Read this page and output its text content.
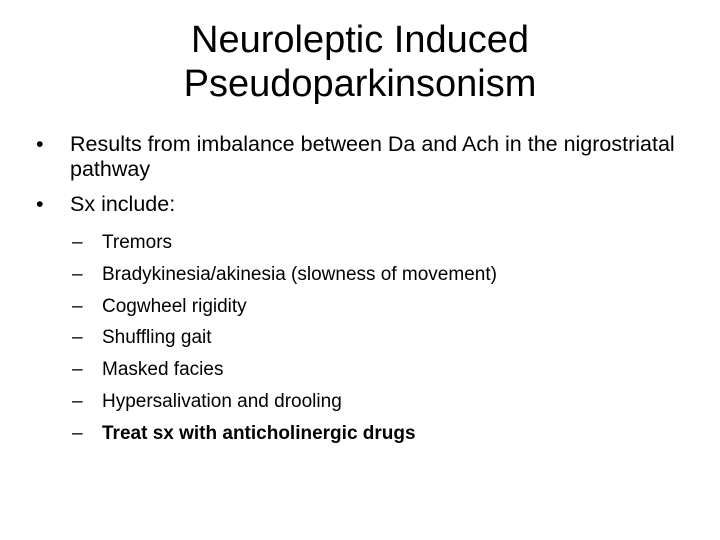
Neuroleptic Induced
Pseudoparkinsonism
•	Results from imbalance between Da and Ach in the nigrostriatal pathway
•	Sx include:
–	Tremors
–	Bradykinesia/akinesia (slowness of movement)
–	Cogwheel rigidity
–	Shuffling gait
–	Masked facies
–	Hypersalivation and drooling
–	Treat sx with anticholinergic drugs
